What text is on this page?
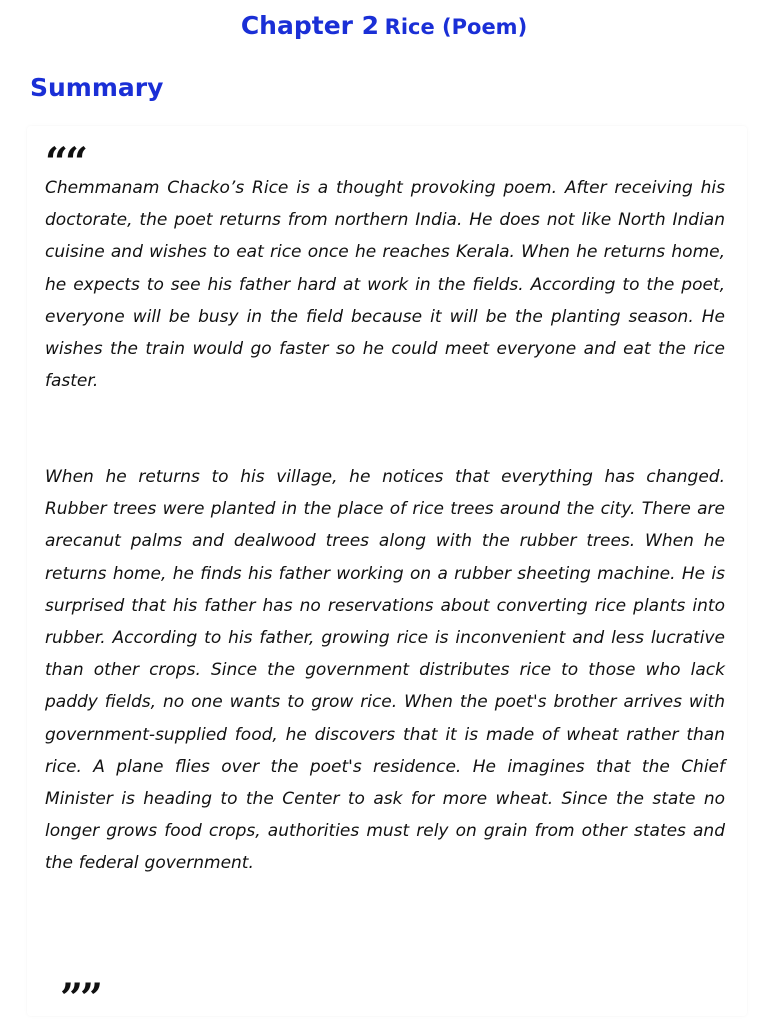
Chapter 2 Rice (Poem)
Summary
““

Chemmanam Chacko’s Rice is a thought provoking poem. After receiving his doctorate, the poet returns from northern India. He does not like North Indian cuisine and wishes to eat rice once he reaches Kerala. When he returns home, he expects to see his father hard at work in the fields. According to the poet, everyone will be busy in the field because it will be the planting season. He wishes the train would go faster so he could meet everyone and eat the rice faster.

When he returns to his village, he notices that everything has changed. Rubber trees were planted in the place of rice trees around the city. There are arecanut palms and dealwood trees along with the rubber trees. When he returns home, he finds his father working on a rubber sheeting machine. He is surprised that his father has no reservations about converting rice plants into rubber. According to his father, growing rice is inconvenient and less lucrative than other crops. Since the government distributes rice to those who lack paddy fields, no one wants to grow rice. When the poet's brother arrives with government-supplied food, he discovers that it is made of wheat rather than rice. A plane flies over the poet's residence. He imagines that the Chief Minister is heading to the Center to ask for more wheat. Since the state no longer grows food crops, authorities must rely on grain from other states and the federal government.

””
